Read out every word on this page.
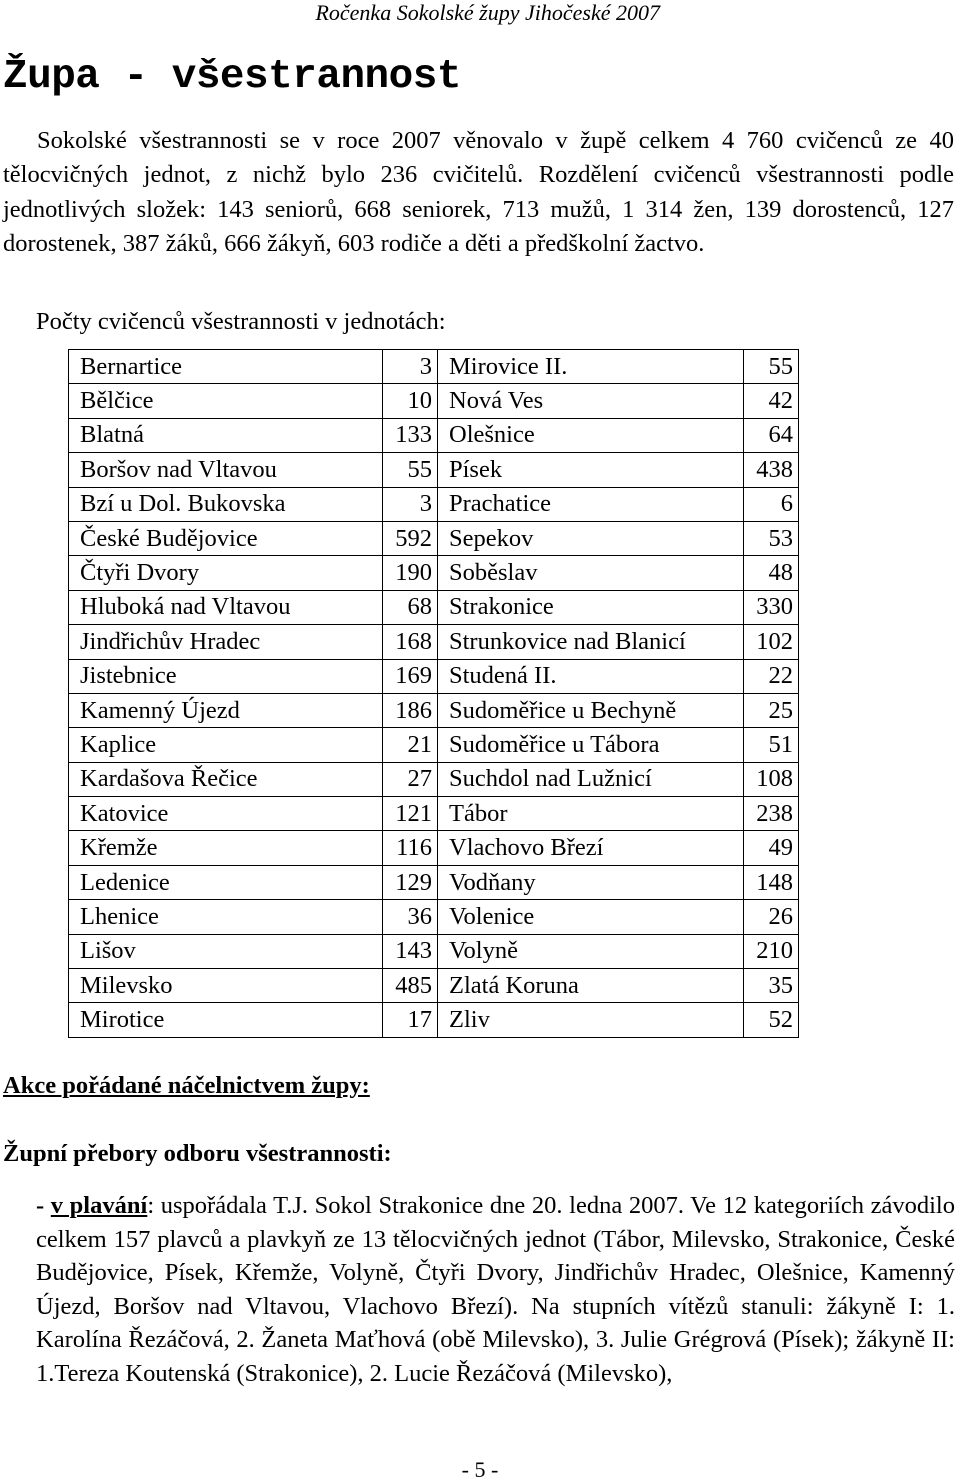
Ročenka Sokolské župy Jihočeské 2007
Župa - všestrannost

Sokolské všestrannosti se v roce 2007 věnovalo v župě celkem 4 760 cvičenců ze 40 tělocvičných jednot, z nichž bylo 236 cvičitelů. Rozdělení cvičenců všestrannosti podle jednotlivých složek: 143 seniorů, 668 seniorek, 713 mužů, 1 314 žen, 139 dorostenců, 127 dorostenek, 387 žáků, 666 žákyň, 603 rodiče a děti a předškolní žactvo.

Počty cvičenců všestrannosti v jednotách:
Bernartice	3	Mirovice II.	55
Bělčice	10	Nová Ves	42
Blatná	133	Olešnice	64
Boršov nad Vltavou	55	Písek	438
Bzí u Dol. Bukovska	3	Prachatice	6
České Budějovice	592	Sepekov	53
Čtyři Dvory	190	Soběslav	48
Hluboká nad Vltavou	68	Strakonice	330
Jindřichův Hradec	168	Strunkovice nad Blanicí	102
Jistebnice	169	Studená II.	22
Kamenný Újezd	186	Sudoměřice u Bechyně	25
Kaplice	21	Sudoměřice u Tábora	51
Kardašova Řečice	27	Suchdol nad Lužnicí	108
Katovice	121	Tábor	238
Křemže	116	Vlachovo Březí	49
Ledenice	129	Vodňany	148
Lhenice	36	Volenice	26
Lišov	143	Volyně	210
Milevsko	485	Zlatá Koruna	35
Mirotice	17	Zliv	52
Akce pořádané náčelnictvem župy:
Župní přebory odboru všestrannosti:

- v plavání: uspořádala T.J. Sokol Strakonice dne 20. ledna 2007. Ve 12 kategoriích závodilo celkem 157 plavců a plavkyň ze 13 tělocvičných jednot (Tábor, Milevsko, Strakonice, České Budějovice, Písek, Křemže, Volyně, Čtyři Dvory, Jindřichův Hradec, Olešnice, Kamenný Újezd, Boršov nad Vltavou, Vlachovo Březí). Na stupních vítězů stanuli: žákyně I: 1. Karolína Řezáčová, 2. Žaneta Maťhová (obě Milevsko), 3. Julie Grégrová (Písek); žákyně II: 1.Tereza Koutenská (Strakonice), 2. Lucie Řezáčová (Milevsko),

- 5 -
